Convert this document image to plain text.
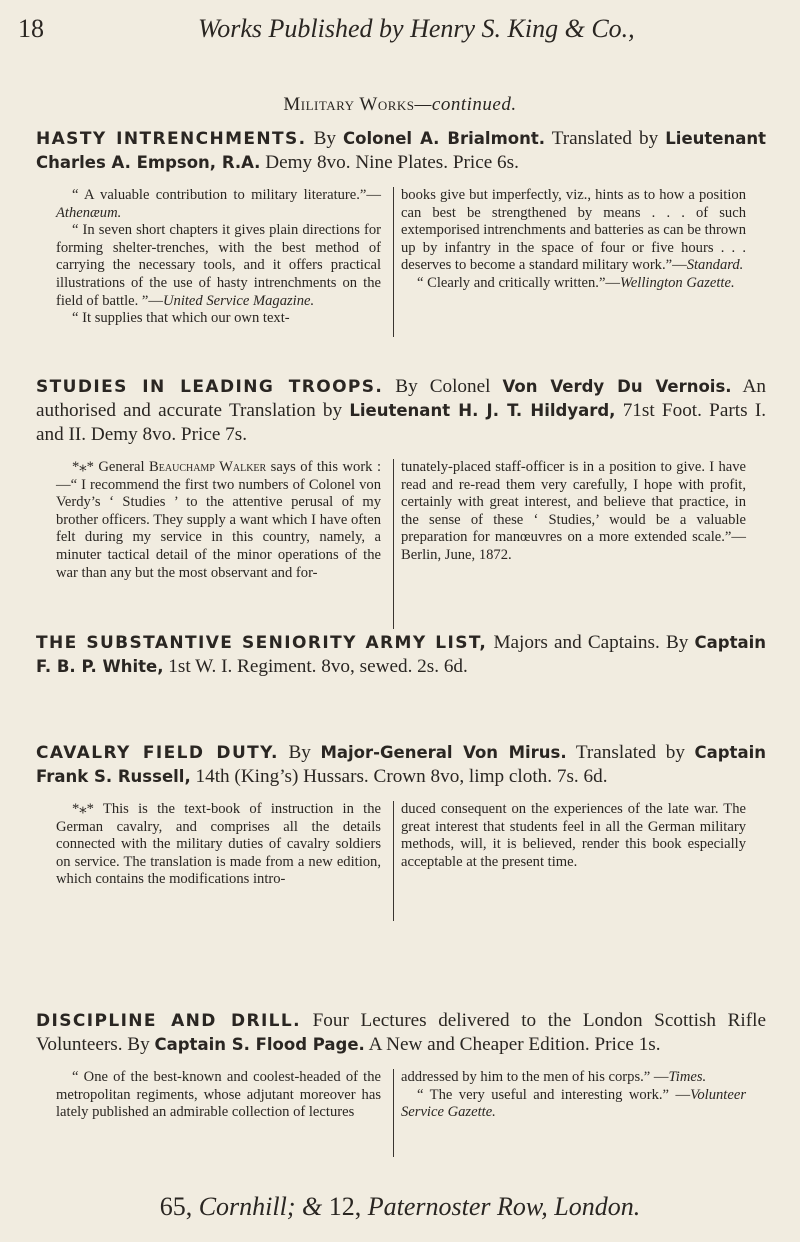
18	Works Published by Henry S. King & Co.,
Military Works—continued.

HASTY INTRENCHMENTS. By Colonel A. Brialmont. Translated by Lieutenant Charles A. Empson, R.A. Demy 8vo. Nine Plates. Price 6s.

“ A valuable contribution to military literature.”—Athenæum.

“ In seven short chapters it gives plain directions for forming shelter-trenches, with the best method of carrying the necessary tools, and it offers practical illustrations of the use of hasty intrenchments on the field of battle. ”—United Service Magazine.

“ It supplies that which our own text-

books give but imperfectly, viz., hints as to how a position can best be strengthened by means . . . of such extemporised intrenchments and batteries as can be thrown up by infantry in the space of four or five hours . . . deserves to become a standard military work.”—Standard.

“ Clearly and critically written.”—Wellington Gazette.

STUDIES IN LEADING TROOPS. By Colonel Von Verdy Du Vernois. An authorised and accurate Translation by Lieutenant H. J. T. Hildyard, 71st Foot. Parts I. and II. Demy 8vo. Price 7s.

*⁎* General Beauchamp Walker says of this work :—“ I recommend the first two numbers of Colonel von Verdy’s ‘ Studies ’ to the attentive perusal of my brother officers. They supply a want which I have often felt during my service in this country, namely, a minuter tactical detail of the minor operations of the war than any but the most observant and for-

tunately-placed staff-officer is in a position to give. I have read and re-read them very carefully, I hope with profit, certainly with great interest, and believe that practice, in the sense of these ‘ Studies,’ would be a valuable preparation for manœuvres on a more extended scale.”—Berlin, June, 1872.

THE SUBSTANTIVE SENIORITY ARMY LIST, Majors and Captains. By Captain F. B. P. White, 1st W. I. Regiment. 8vo, sewed. 2s. 6d.

CAVALRY FIELD DUTY. By Major-General Von Mirus. Translated by Captain Frank S. Russell, 14th (King’s) Hussars. Crown 8vo, limp cloth. 7s. 6d.

*⁎* This is the text-book of instruction in the German cavalry, and comprises all the details connected with the military duties of cavalry soldiers on service. The translation is made from a new edition, which contains the modifications intro-

duced consequent on the experiences of the late war. The great interest that students feel in all the German military methods, will, it is believed, render this book especially acceptable at the present time.

DISCIPLINE AND DRILL. Four Lectures delivered to the London Scottish Rifle Volunteers. By Captain S. Flood Page. A New and Cheaper Edition. Price 1s.

“ One of the best-known and coolest-headed of the metropolitan regiments, whose adjutant moreover has lately published an admirable collection of lectures

addressed by him to the men of his corps.” —Times.

“ The very useful and interesting work.” —Volunteer Service Gazette.

65, Cornhill; & 12, Paternoster Row, London.
